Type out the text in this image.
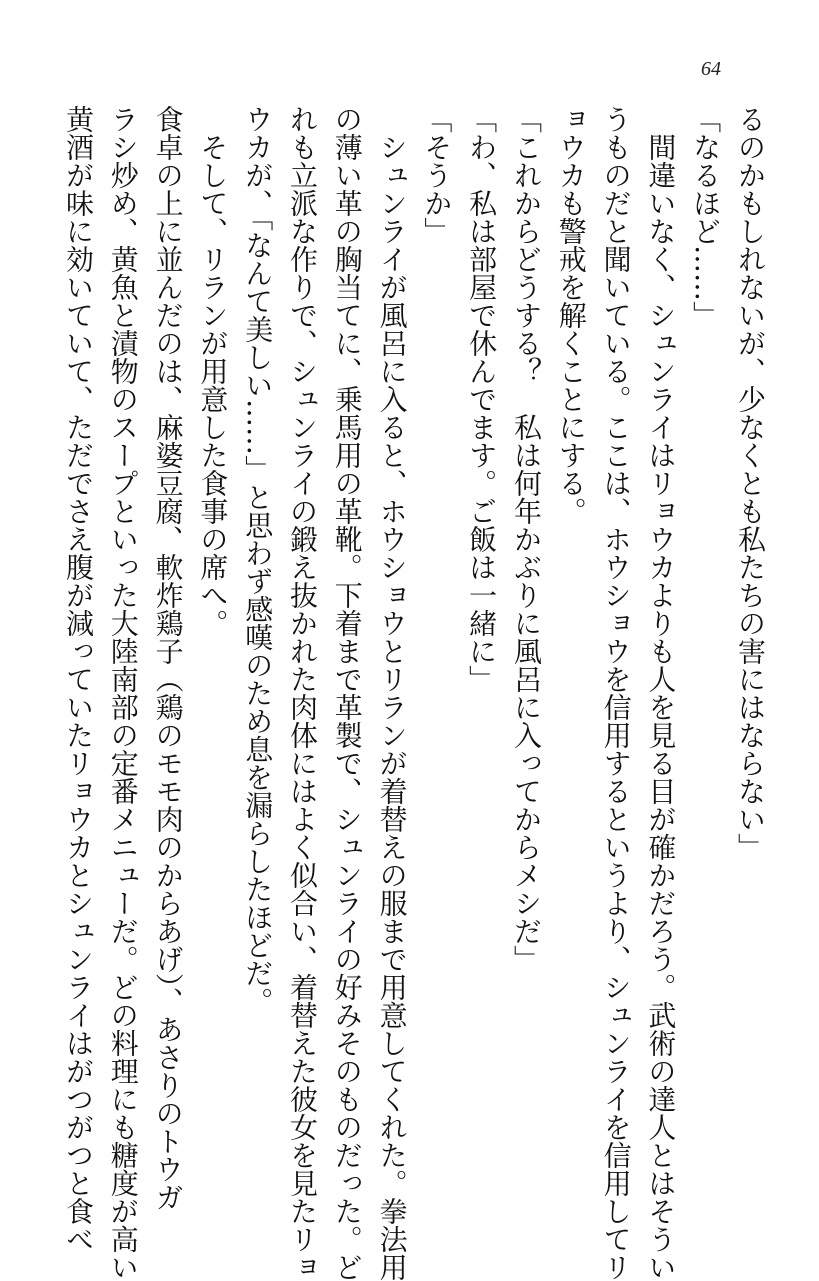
64
るのかもしれないが、少なくとも私たちの害にはならない」
「なるほど……」
間違いなく、シュンライはリョウカよりも人を見る目が確かだろう。武術の達人とはそうい
うものだと聞いている。ここは、ホウショウを信用するというより、シュンライを信用してリ
ョウカも警戒を解くことにする。
「これからどうする？　私は何年かぶりに風呂に入ってからメシだ」
「わ、私は部屋で休んでます。ご飯は一緒に」
「そうか」
シュンライが風呂に入ると、ホウショウとリランが着替えの服まで用意してくれた。拳法用
の薄い革の胸当てに、乗馬用の革靴。下着まで革製で、シュンライの好みそのものだった。ど
れも立派な作りで、シュンライの鍛え抜かれた肉体にはよく似合い、着替えた彼女を見たリョ
ウカが、「なんて美しい……」と思わず感嘆のため息を漏らしたほどだ。
そして、リランが用意した食事の席へ。
食卓の上に並んだのは、麻婆豆腐、軟炸鶏子（鶏のモモ肉のからあげ）、あさりのトウガ
ラシ炒め、黄魚と漬物のスープといった大陸南部の定番メニューだ。どの料理にも糖度が高い
黄酒が味に効いていて、ただでさえ腹が減っていたリョウカとシュンライはがつがつと食べ
